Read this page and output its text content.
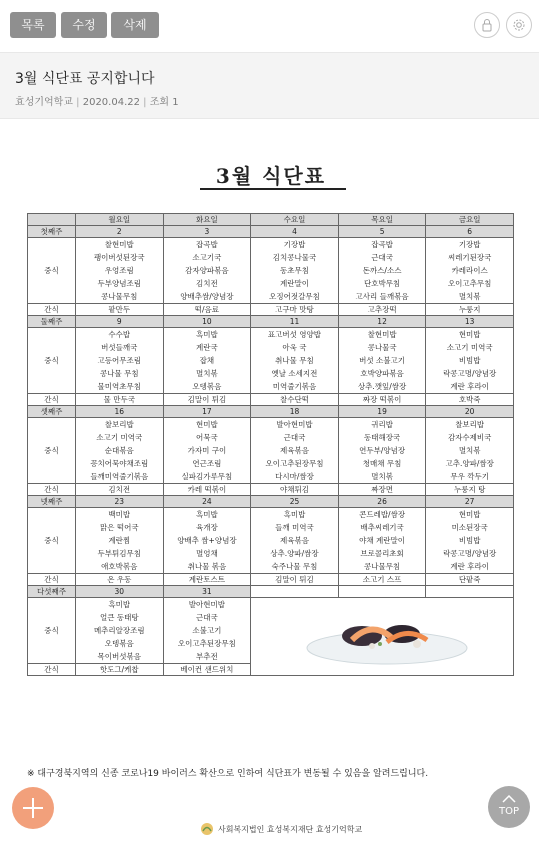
목록	수정	삭제
3월 식단표 공지합니다
효성기억학교 | 2020.04.22 | 조회 1
3월 식단표
	월요일	화요일	수요일	목요일	금요일
첫째주	2	3	4	5	6
중식	찰현미밥
팽이버섯된장국
우엉조림
두부양념조림
콩나물무침	잡곡밥
소고기국
감자양파볶음
김치전
양배추쌈/양념장	기장밥
김치콩나물국
동초무침
계란말이
오징어젓갈무침	잡곡밥
근대국
돈까스/소스
단호박무침
고사리 들깨볶음	기장밥
씨레기된장국
카레라이스
오이고추무침
멸치볶

간식	팥만두	떡/음료	고구마 맛탕	고추장떡	누룽지
둘째주	9	10	11	12	13
중식	수수밥
버섯들깨국
고등어무조림
콩나물 무침
물미역초무침	흑미밥
계란국
잡채
멸치볶
오뎅볶음	표고버섯 영양밥
아욱 국
취나물 무침
옛날 소세지전
미역줄기볶음	찰현미밥
콩나물국
버섯 소불고기
호박양파볶음
상추.깻잎/쌈장	현미밥
소고기 미역국
비빔밥
락콩고명/양념장
계란 후라이

간식	물 만두국	김말이 튀김	찰수단떡	짜장 떡볶이	호박죽
셋째주	16	17	18	19	20
중식	찰보리밥
소고기 미역국
순대볶음
꽁치어묵야채조림
들깨미역줄기볶음	현미밥
어묵국
가자미 구이
연근조림
실파김가루무침	발아현미밥
근대국
제육볶음
오이고추된장무침
다시마/쌈장	귀리밥
동태해장국
연두부/양념장
청매채 무침
멸치볶	찰보리밥
감자수제비국
멸치볶
고추.양파/쌈장
무우 깍두기

간식	김치전	카레 떡볶이	야채튀김	짜장면	누룽지 탕
넷째주	23	24	25	26	27
중식	백미밥
맑은 떡어국
계란찜
두부튀김무침
애호박볶음	흑미밥
육개장
양배추 쌈+양념장
멸엉채
취나물 볶음	흑미밥
들깨 미역국
제육볶음
상추.양파/쌈장
숙주나물 무침	콘드레밥/쌈장
배추씨레기국
야채 계란말이
브로콜리초회
콩나물무침	현미밥
미소된장국
비빔밥
락콩고명/양념장
계란 후라이

간식	온 우동	계란토스트	김말이 튀김	소고기 스프	단팥죽
다섯째주	30	31			
중식	흑미밥
얼큰 동태탕
메추리알장조림
오뎅볶음
목이버섯볶음	발아현미밥
근대국
소불고기
오이고추된장무침
부추전

간식	핫도그/케찹	베이컨 샌드위치			
※ 대구경북지역의 신종 코로나19 바이러스 확산으로 인하여 식단표가 변동될 수 있음을 알려드립니다.
사회복지법인 효성복지재단 효성기억학교
TOP
